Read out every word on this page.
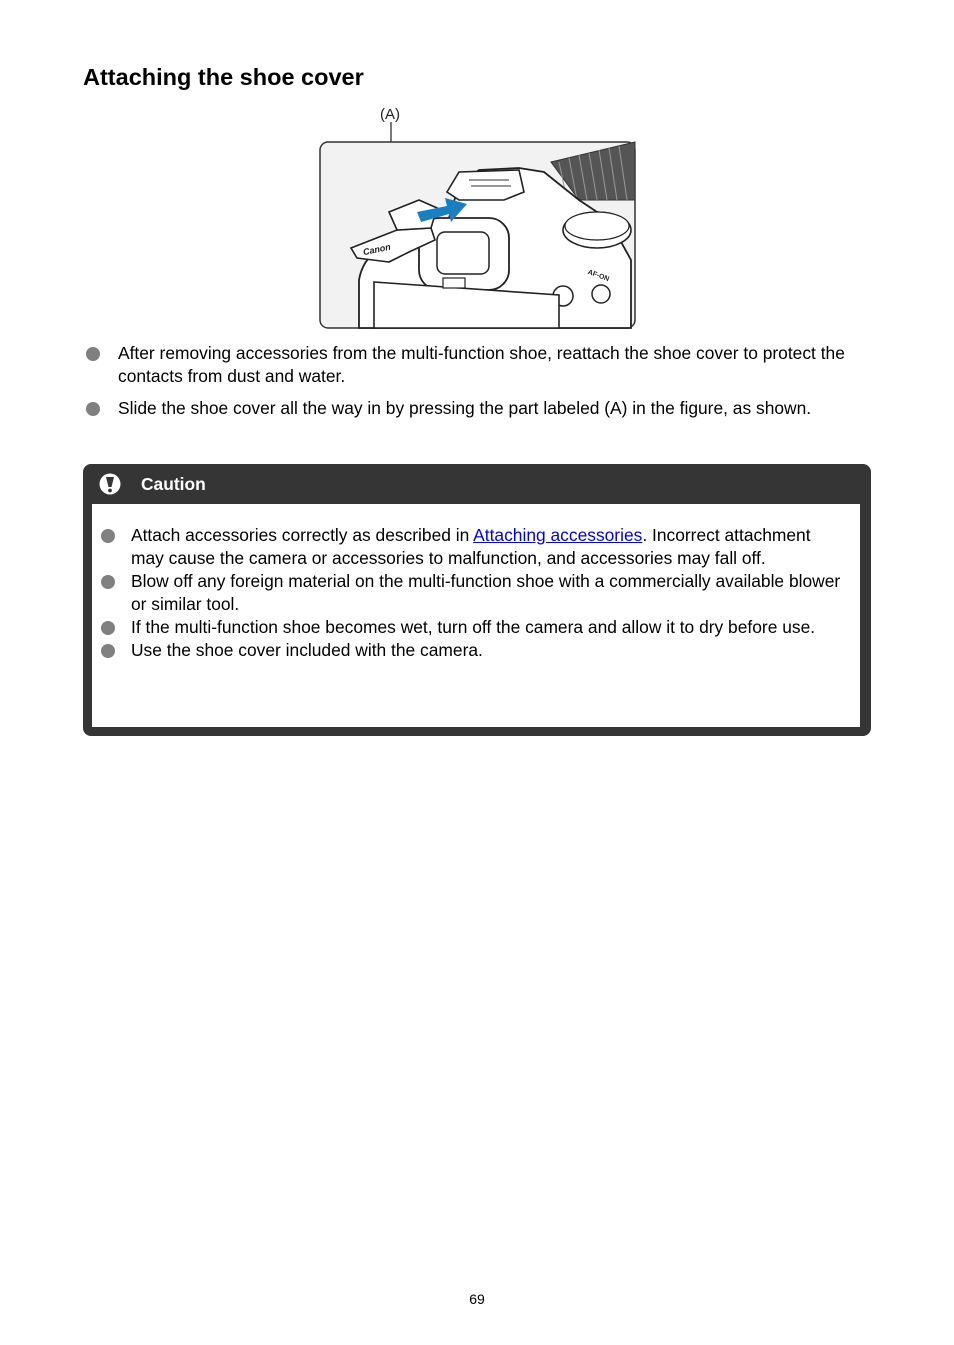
Attaching the shoe cover
(A)
AF-ON
Canon
After removing accessories from the multi-function shoe, reattach the shoe cover to protect the contacts from dust and water.
Slide the shoe cover all the way in by pressing the part labeled (A) in the figure, as shown.
Caution
Attach accessories correctly as described in Attaching accessories. Incorrect attachment may cause the camera or accessories to malfunction, and accessories may fall off.
Blow off any foreign material on the multi-function shoe with a commercially available blower or similar tool.
If the multi-function shoe becomes wet, turn off the camera and allow it to dry before use.
Use the shoe cover included with the camera.
69
